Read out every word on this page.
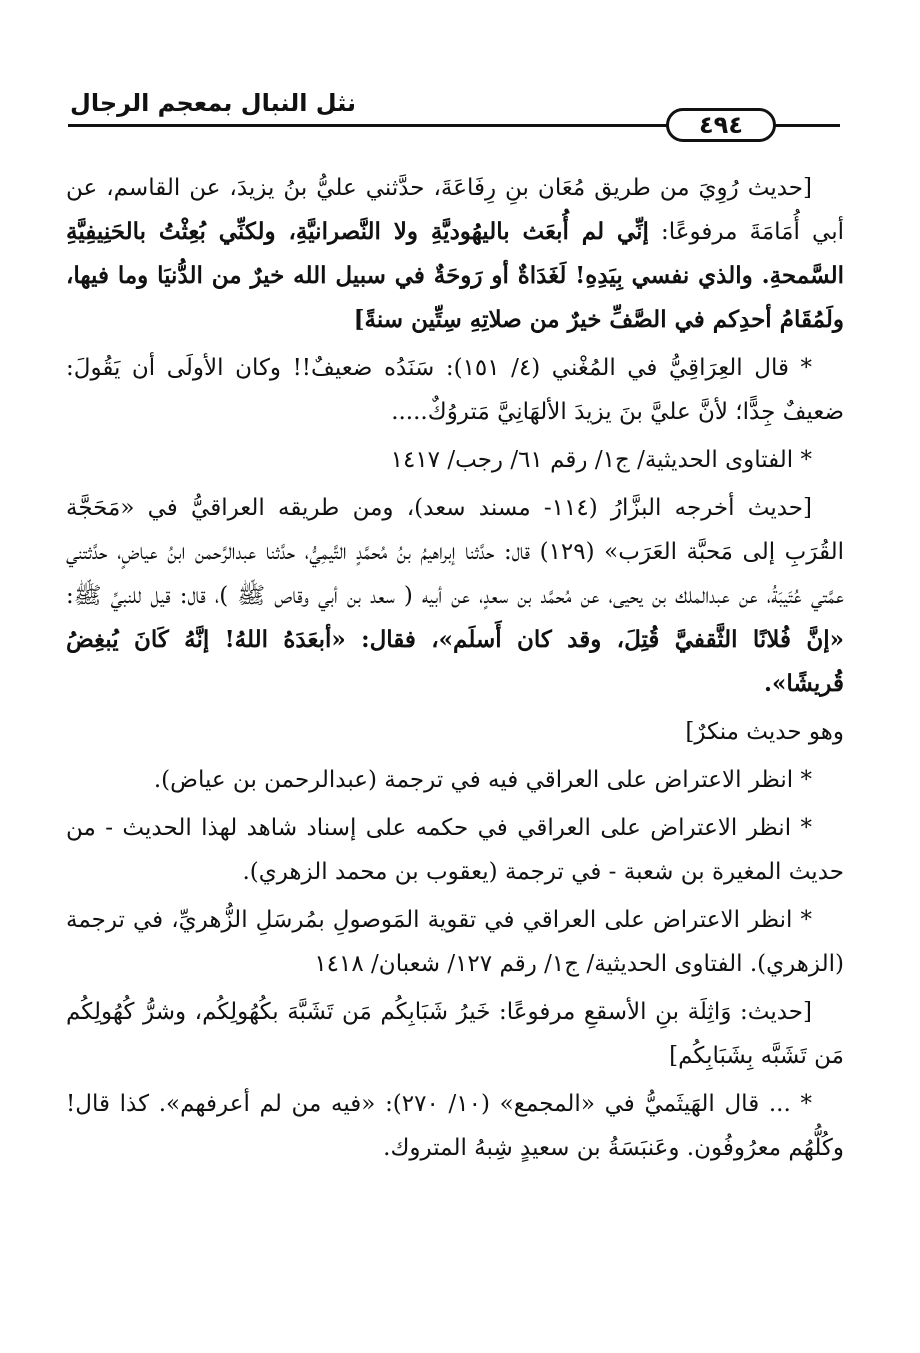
نثل النبال بمعجم الرجال
٤٩٤

[حديث رُوِيَ من طريق مُعَان بنِ رِفَاعَةَ، حدَّثني عليُّ بنُ يزيدَ، عن القاسم، عن أبي أُمَامَةَ مرفوعًا: إنِّي لم أُبعَث باليهُوديَّةِ ولا النَّصرانيَّةِ، ولكنِّي بُعِثْتُ بالحَنِيفِيَّةِ السَّمحةِ. والذي نفسي بِيَدِهِ! لَغَدَاةٌ أو رَوحَةٌ في سبيل الله خيرٌ من الدُّنيَا وما فيها، ولَمُقَامُ أحدِكم في الصَّفِّ خيرٌ من صلاتِهِ سِتِّين سنةً]

* قال العِرَاقِيُّ في المُغْني (٤/ ١٥١): سَنَدُه ضعيفٌ!! وكان الأولَى أن يَقُولَ: ضعيفٌ جِدًّا؛ لأنَّ عليَّ بنَ يزيدَ الألهَانِيَّ مَتروُكٌ.....

* الفتاوى الحديثية/ ج١/ رقم ٦١/ رجب/ ١٤١٧

[حديث أخرجه البزَّارُ (١١٤- مسند سعد)، ومن طريقه العراقيُّ في «مَحَجَّة القُرَبِ إلى مَحبَّة العَرَب» (١٢٩) قال: حدَّثنا إبراهيمُ بنُ مُحمَّدٍ التَّيمِيُّ، حدَّثنا عبدالرَّحمن ابنُ عياضٍ، حدَّثتني عمَّتي عُتَيبَةُ، عن عبدالملك بن يحيى، عن مُحمَّد بن سعدٍ، عن أبيه ( سعد بن أبي وقاص ﷺ )، قال: قيل للنبيِّ ﷺ: «إنَّ فُلانًا الثَّقفيَّ قُتِلَ، وقد كان أَسلَم»، فقال: «أبعَدَهُ اللهُ! إنَّهُ كَانَ يُبغِضُ قُريشًا».

وهو حديث منكرٌ]

* انظر الاعتراض على العراقي فيه في ترجمة (عبدالرحمن بن عياض).

* انظر الاعتراض على العراقي في حكمه على إسناد شاهد لهذا الحديث - من حديث المغيرة بن شعبة - في ترجمة (يعقوب بن محمد الزهري).

* انظر الاعتراض على العراقي في تقوية المَوصولِ بمُرسَلِ الزُّهريِّ، في ترجمة (الزهري). الفتاوى الحديثية/ ج١/ رقم ١٢٧/ شعبان/ ١٤١٨

[حديث: وَاثِلَة بنِ الأسقعِ مرفوعًا: خَيرُ شَبَابِكُم مَن تَشَبَّهَ بكُهُولِكُم، وشرُّ كُهُولِكُم مَن تَشَبَّه بِشَبَابِكُم]

* ... قال الهَيثَميُّ في «المجمع» (١٠/ ٢٧٠): «فيه من لم أعرفهم». كذا قال! وكُلُّهُم معرُوفُون. وعَنبَسَةُ بن سعيدٍ شِبهُ المتروك.
